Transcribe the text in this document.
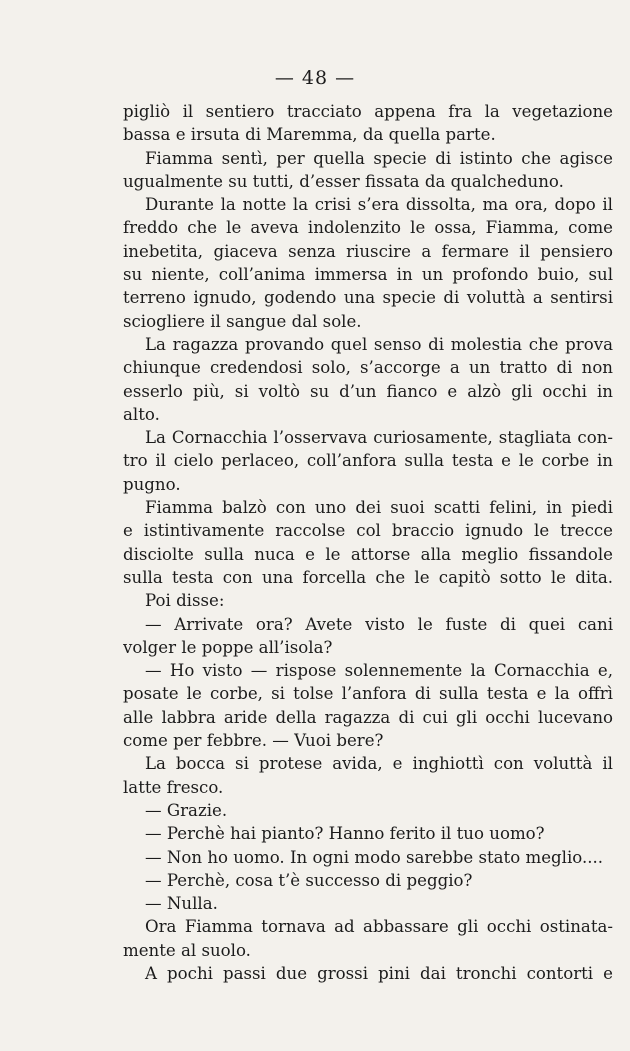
— 48 —
pigliò il sentiero tracciato appena fra la vegetazione
bassa e irsuta di Maremma, da quella parte.
Fiamma sentì, per quella specie di istinto che agisce
ugualmente su tutti, d’esser fissata da qualcheduno.
Durante la notte la crisi s’era dissolta, ma ora, dopo il
freddo che le aveva indolenzito le ossa, Fiamma, come
inebetita, giaceva senza riuscire a fermare il pensiero
su niente, coll’anima immersa in un profondo buio, sul
terreno ignudo, godendo una specie di voluttà a sentirsi
sciogliere il sangue dal sole.
La ragazza provando quel senso di molestia che prova
chiunque credendosi solo, s’accorge a un tratto di non
esserlo più, si voltò su d’un fianco e alzò gli occhi in
alto.
La Cornacchia l’osservava curiosamente, stagliata con-
tro il cielo perlaceo, coll’anfora sulla testa e le corbe in
pugno.
Fiamma balzò con uno dei suoi scatti felini, in piedi
e istintivamente raccolse col braccio ignudo le trecce
disciolte sulla nuca e le attorse alla meglio fissandole
sulla testa con una forcella che le capitò sotto le dita.
Poi disse:
— Arrivate ora? Avete visto le fuste di quei cani
volger le poppe all’isola?
— Ho visto — rispose solennemente la Cornacchia e,
posate le corbe, si tolse l’anfora di sulla testa e la offrì
alle labbra aride della ragazza di cui gli occhi lucevano
come per febbre. — Vuoi bere?
La bocca si protese avida, e inghiottì con voluttà il
latte fresco.
— Grazie.
— Perchè hai pianto? Hanno ferito il tuo uomo?
— Non ho uomo. In ogni modo sarebbe stato meglio....
— Perchè, cosa t’è successo di peggio?
— Nulla.
Ora Fiamma tornava ad abbassare gli occhi ostinata-
mente al suolo.
A pochi passi due grossi pini dai tronchi contorti e
